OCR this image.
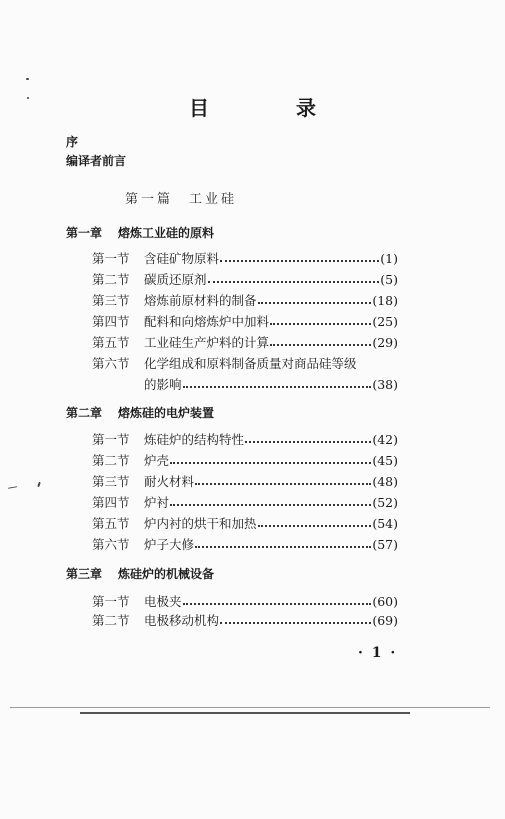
目 录
序
编译者前言
第一篇　工业硅
第一章 熔炼工业硅的原料
第一节	含硅矿物原料	(1)
第二节	碳质还原剂	(5)
第三节	熔炼前原材料的制备	(18)
第四节	配料和向熔炼炉中加料	(25)
第五节	工业硅生产炉料的计算	(29)
第六节	化学组成和原料制备质量对商品硅等级
的影响	(38)
第二章 熔炼硅的电炉装置
第一节	炼硅炉的结构特性	(42)
第二节	炉壳	(45)
第三节	耐火材料	(48)
第四节	炉衬	(52)
第五节	炉内衬的烘干和加热	(54)
第六节	炉子大修	(57)
第三章 炼硅炉的机械设备
第一节	电极夹	(60)
第二节	电极移动机构	(69)
· 1 ·
